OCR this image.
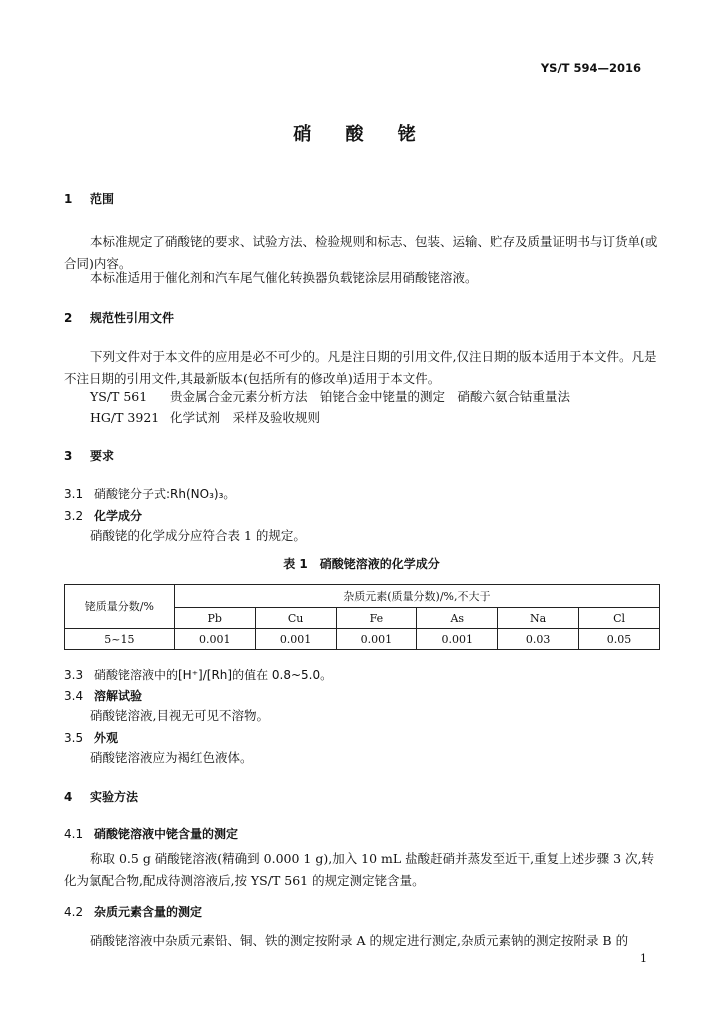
YS/T 594—2016
硝 酸 铑
1 范围
本标准规定了硝酸铑的要求、试验方法、检验规则和标志、包装、运输、贮存及质量证明书与订货单(或合同)内容。
本标准适用于催化剂和汽车尾气催化转换器负载铑涂层用硝酸铑溶液。
2 规范性引用文件
下列文件对于本文件的应用是必不可少的。凡是注日期的引用文件,仅注日期的版本适用于本文件。凡是不注日期的引用文件,其最新版本(包括所有的修改单)适用于本文件。
YS/T 561 贵金属合金元素分析方法　铂铑合金中铑量的测定　硝酸六氨合钴重量法
HG/T 3921 化学试剂　采样及验收规则
3 要求
3.1 硝酸铑分子式:Rh(NO₃)₃。
3.2 化学成分
硝酸铑的化学成分应符合表 1 的规定。
表 1　硝酸铑溶液的化学成分
铑质量分数/%	杂质元素(质量分数)/%,不大于					
	Pb	Cu	Fe	As	Na	Cl
5~15	0.001	0.001	0.001	0.001	0.03	0.05
3.3 硝酸铑溶液中的[H⁺]/[Rh]的值在 0.8~5.0。
3.4 溶解试验
硝酸铑溶液,目视无可见不溶物。
3.5 外观
硝酸铑溶液应为褐红色液体。
4 实验方法
4.1 硝酸铑溶液中铑含量的测定
称取 0.5 g 硝酸铑溶液(精确到 0.000 1 g),加入 10 mL 盐酸赶硝并蒸发至近干,重复上述步骤 3 次,转化为氯配合物,配成待测溶液后,按 YS/T 561 的规定测定铑含量。
4.2 杂质元素含量的测定
硝酸铑溶液中杂质元素铅、铜、铁的测定按附录 A 的规定进行测定,杂质元素钠的测定按附录 B 的
1
